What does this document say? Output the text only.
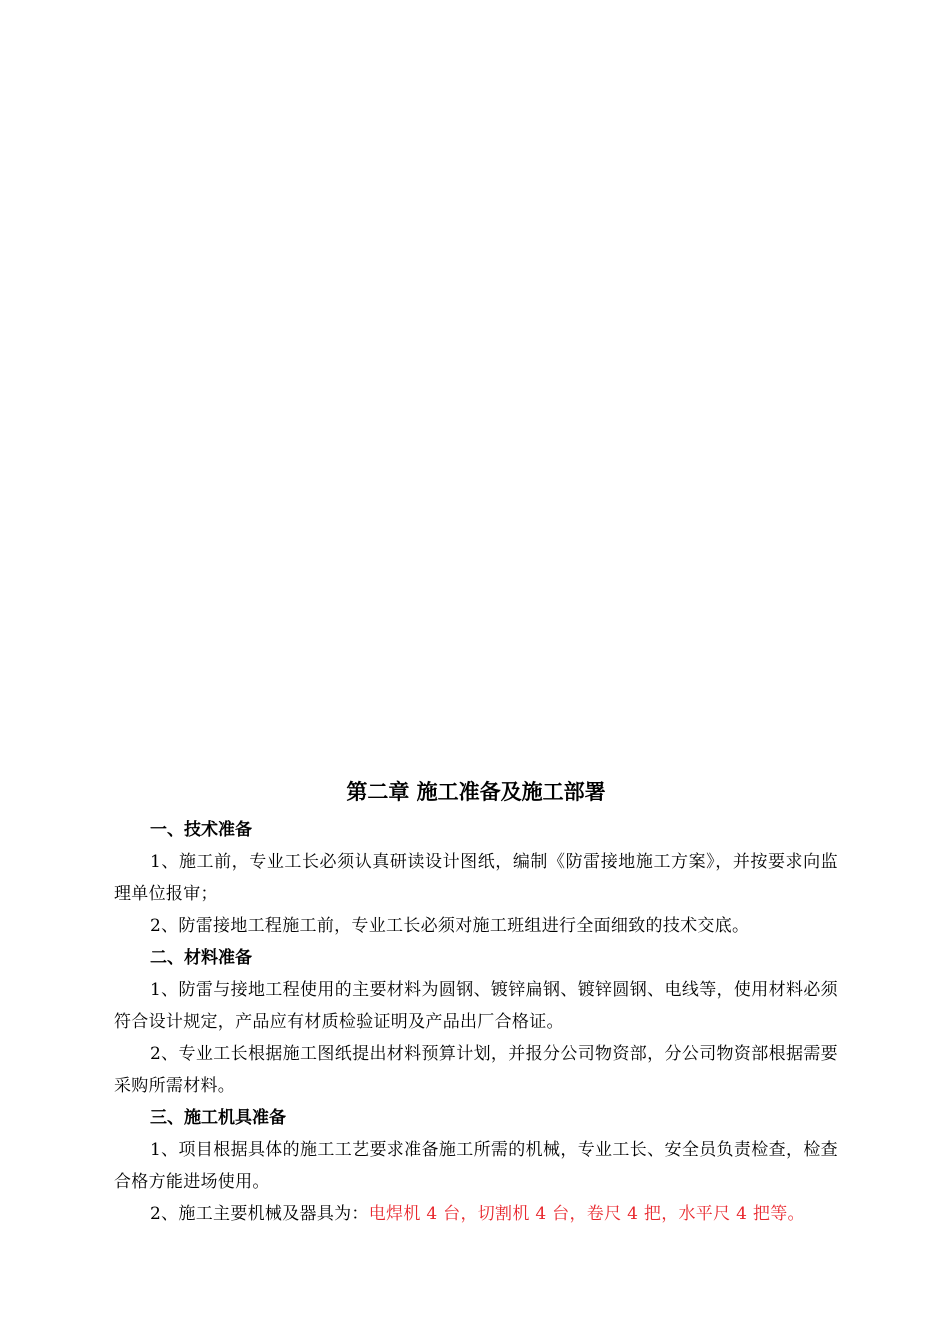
第二章 施工准备及施工部署
一、技术准备

1、施工前，专业工长必须认真研读设计图纸，编制《防雷接地施工方案》，并按要求向监理单位报审；

2、防雷接地工程施工前，专业工长必须对施工班组进行全面细致的技术交底。

二、材料准备

1、防雷与接地工程使用的主要材料为圆钢、镀锌扁钢、镀锌圆钢、电线等，使用材料必须符合设计规定，产品应有材质检验证明及产品出厂合格证。

2、专业工长根据施工图纸提出材料预算计划，并报分公司物资部，分公司物资部根据需要采购所需材料。

三、施工机具准备

1、项目根据具体的施工工艺要求准备施工所需的机械，专业工长、安全员负责检查，检查合格方能进场使用。

2、施工主要机械及器具为：电焊机 4 台，切割机 4 台，卷尺 4 把，水平尺 4 把等。
